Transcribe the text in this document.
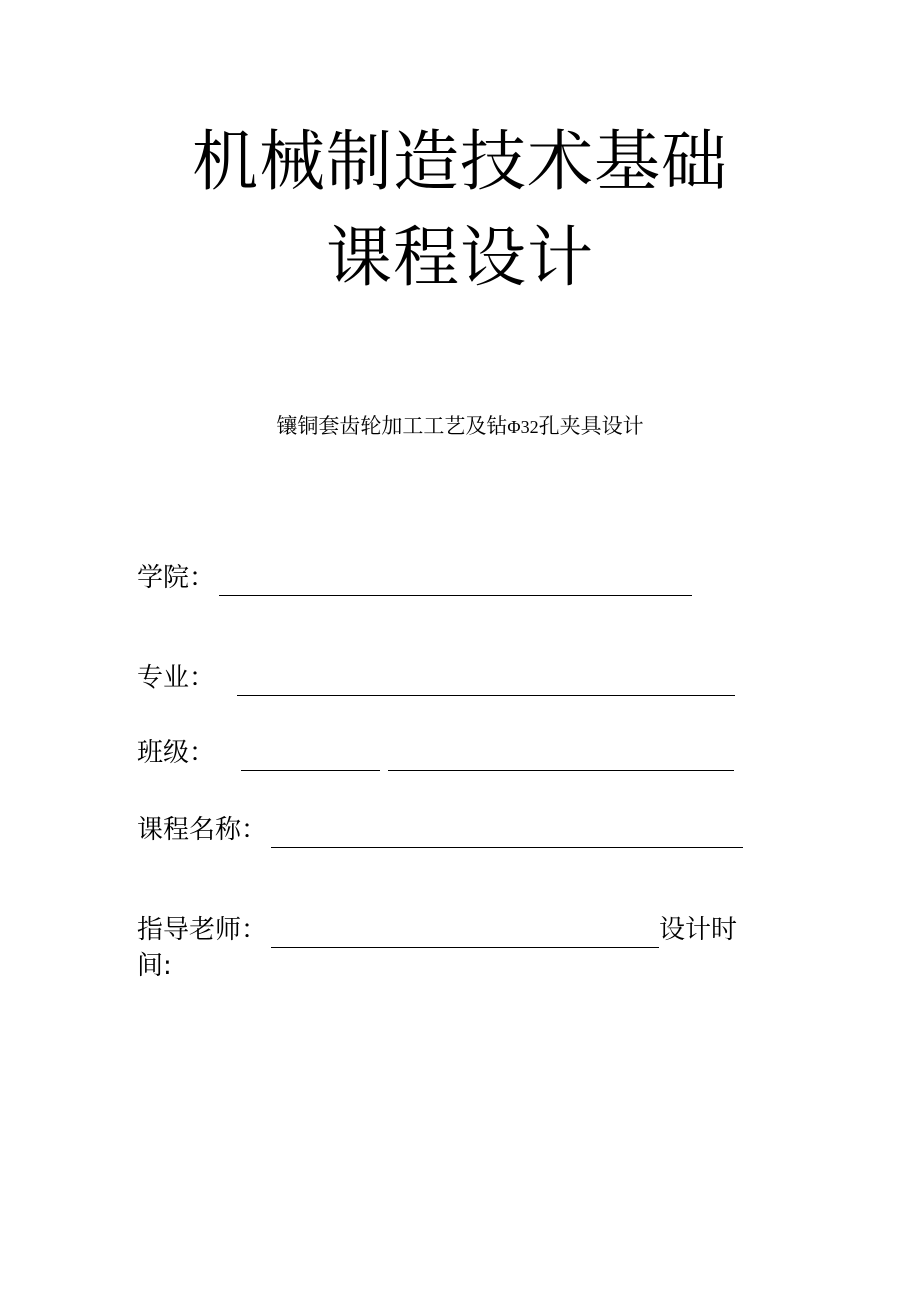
机械制造技术基础
课程设计
镶铜套齿轮加工工艺及钻Φ32孔夹具设计
学院：
专业：
班级：
课程名称：
指导老师：	设计时
间:
